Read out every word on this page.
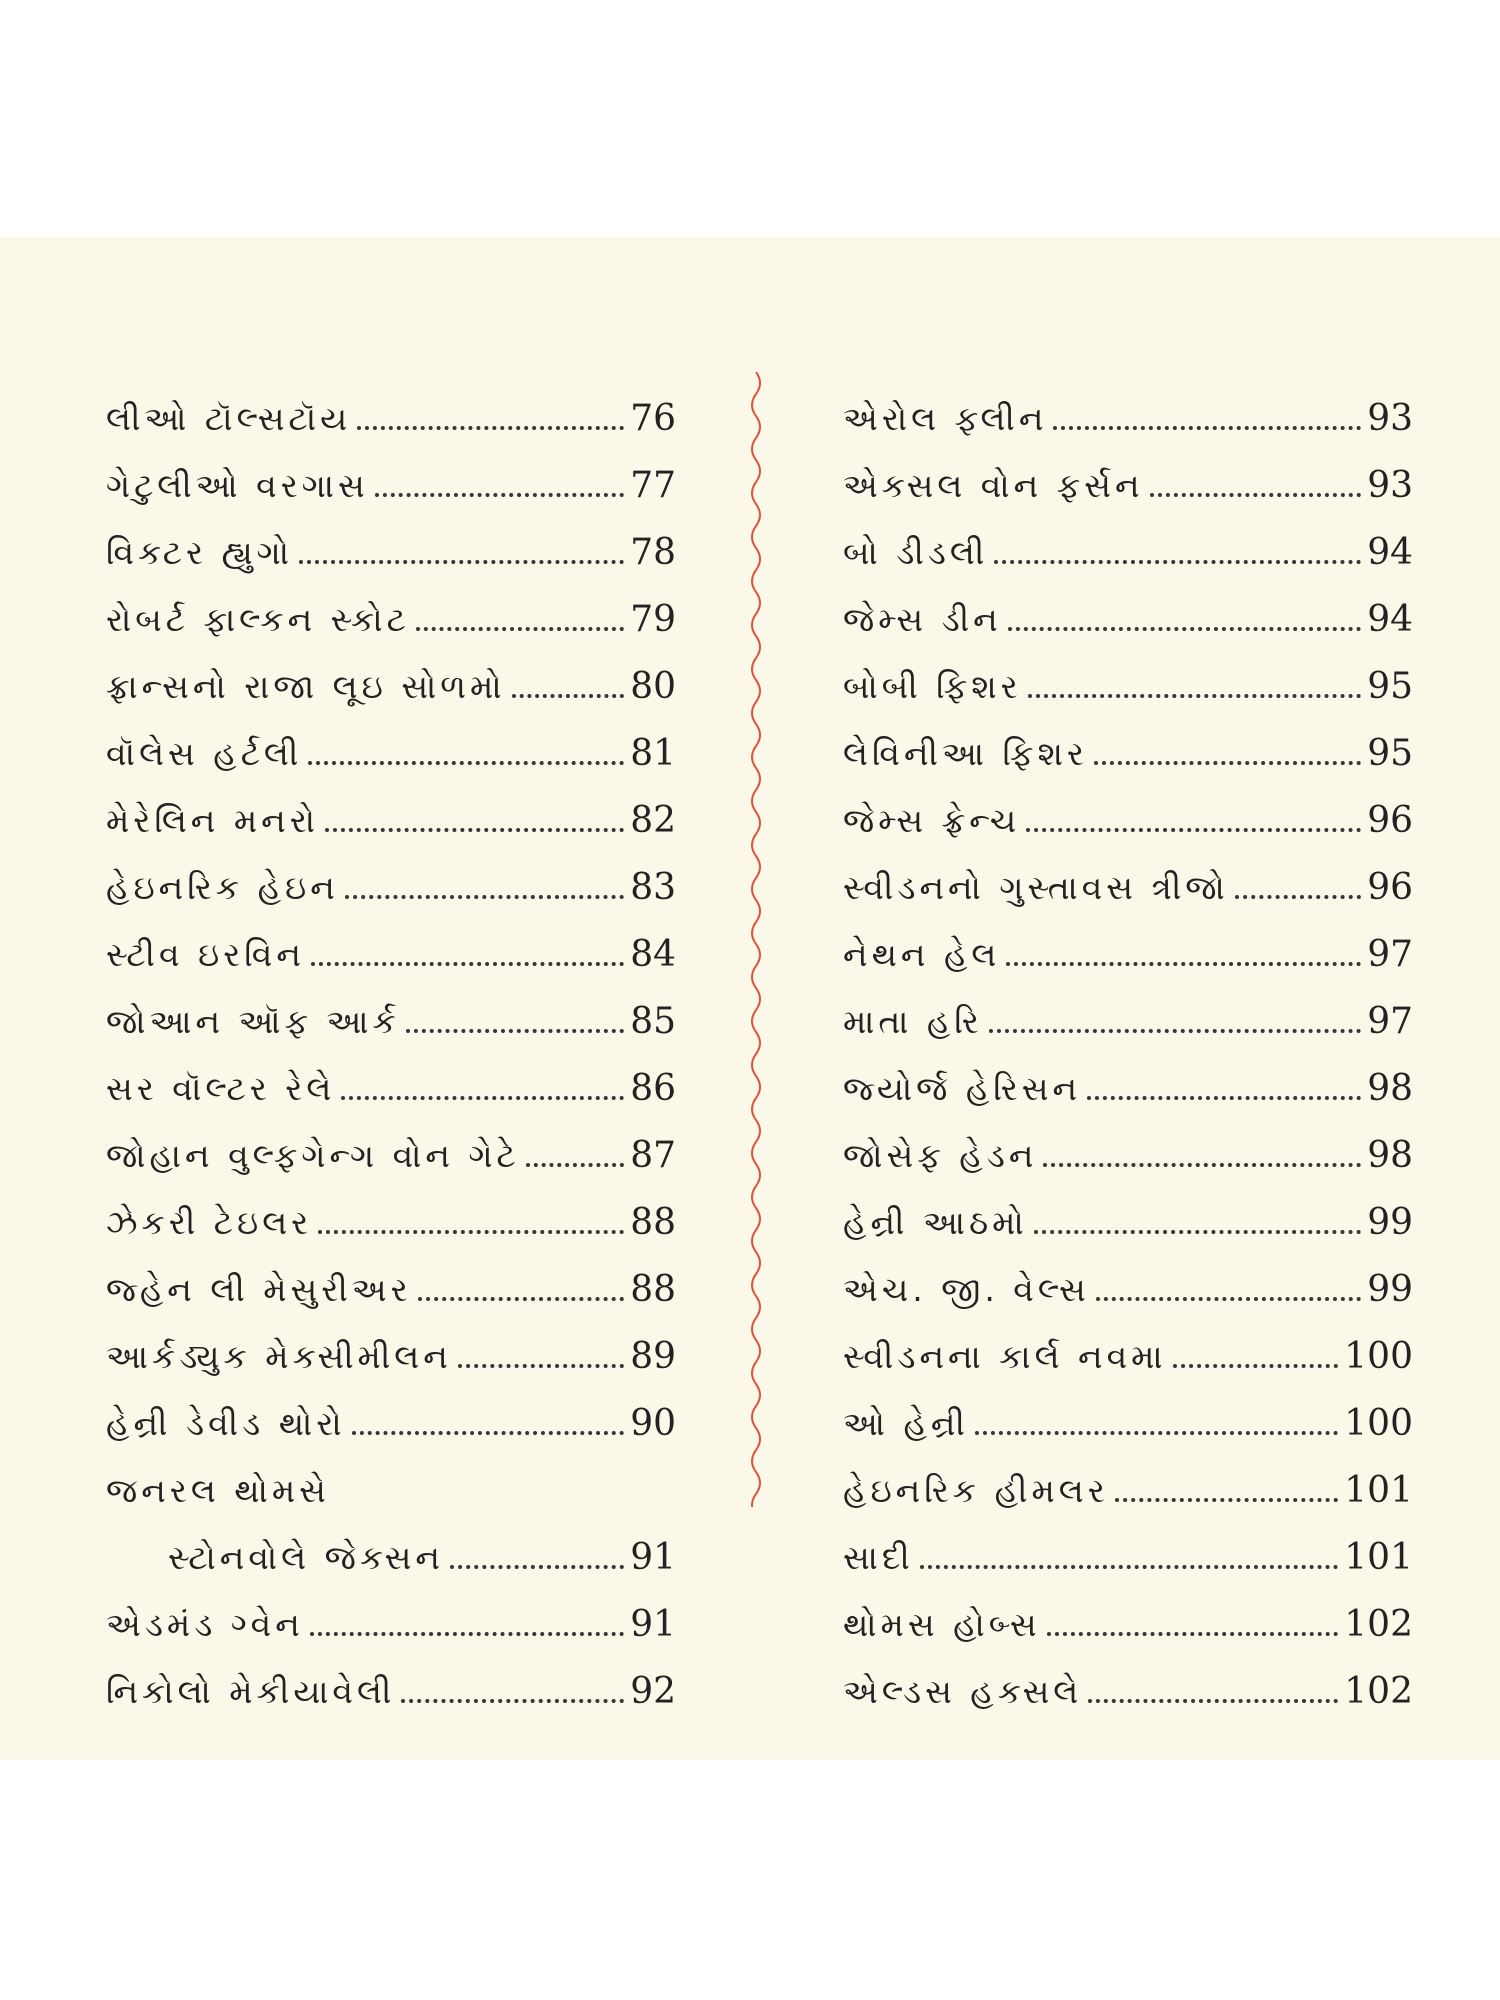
લીઓ ટૉલ્સટૉય	76
ગેટુલીઓ વરગાસ	77
વિક્ટર હ્યુગો	78
રોબર્ટ ફાલ્કન સ્કોટ	79
ફ્રાન્સનો રાજા લૂઇ સોળમો	80
વૉલેસ હર્ટલી	81
મેરેલિન મનરો	82
હેઇનરિક હેઇન	83
સ્ટીવ ઇરવિન	84
જોઆન ઑફ આર્ક	85
સર વૉલ્ટર રેલે	86
જોહાન વુલ્ફગેન્ગ વોન ગેટે	87
ઝેકરી ટેઇલર	88
જ્હેન લી મેસુરીઅર	88
આર્કડ્યુક મેક્સીમીલન	89
હેન્રી ડેવીડ થોરો	90
જનરલ થોમસે
સ્ટોનવોલે જેક્સન	91
એડમંડ ગ્વેન	91
નિકોલો મેકીયાવેલી	92
એરોલ ફ્લીન	93
એક્સલ વોન ફર્સન	93
બો ડીડલી	94
જેમ્સ ડીન	94
બોબી ફિશર	95
લેવિનીઆ ફિશર	95
જેમ્સ ફ્રેન્ચ	96
સ્વીડનનો ગુસ્તાવસ ત્રીજો	96
નેથન હેલ	97
માતા હરિ	97
જ્યોર્જ હેરિસન	98
જોસેફ હેડન	98
હેન્રી આઠમો	99
એચ. જી. વેલ્સ	99
સ્વીડનના કાર્લ નવમા	100
ઓ હેન્રી	100
હેઇનરિક હીમલર	101
સાદી	101
થોમસ હોબ્સ	102
એલ્ડસ હક્સલે	102
